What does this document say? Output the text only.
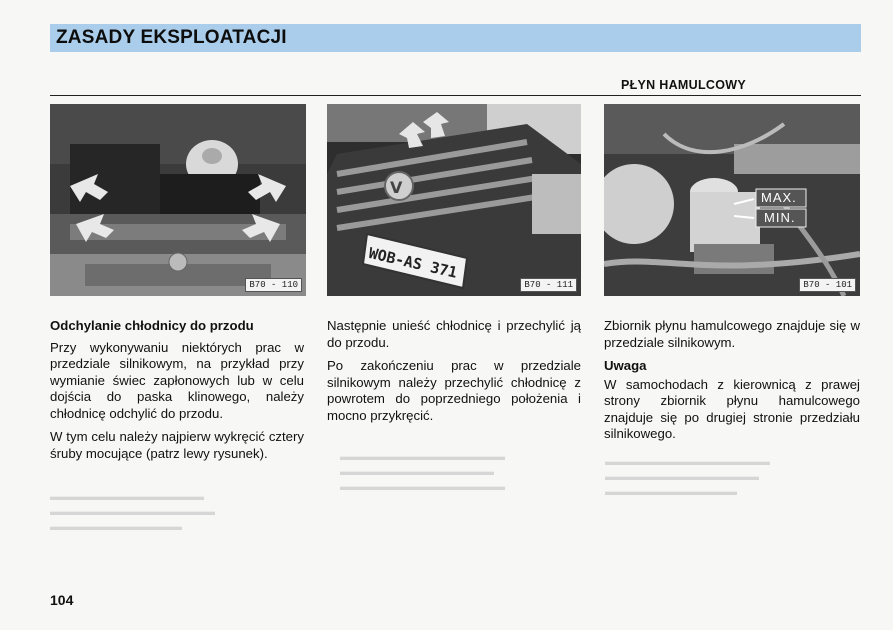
ZASADY EKSPLOATACJI
PŁYN HAMULCOWY
▬▬▬▬▬▬▬▬▬▬▬▬▬▬▬
▬▬▬▬▬▬▬▬▬▬▬▬▬▬
▬▬▬▬▬▬▬▬▬▬▬▬▬▬▬
▬▬▬▬▬▬▬▬▬▬▬▬▬▬
▬▬▬▬▬▬▬▬▬▬▬▬▬▬▬
▬▬▬▬▬▬▬▬▬▬▬▬
▬▬▬▬▬▬▬▬▬▬▬▬▬▬▬
▬▬▬▬▬▬▬▬▬▬▬▬▬▬
▬▬▬▬▬▬▬▬▬▬▬▬
B70 - 110
V
WOB-AS 371
B70 - 111
MAX.
MIN.
B70 - 101

Odchylanie chłodnicy do przodu

Przy wykonywaniu niektórych prac w przedziale silnikowym, na przykład przy wymianie świec zapłonowych lub w celu dojścia do paska klinowego, należy chłodnicę odchylić do przodu.

W tym celu należy najpierw wykręcić cztery śruby mocujące (patrz lewy rysunek).

Następnie unieść chłodnicę i przechylić ją do przodu.

Po zakończeniu prac w przedziale silnikowym należy przechylić chłodnicę z powrotem do poprzedniego położenia i mocno przykręcić.

Zbiornik płynu hamulcowego znajduje się w przedziale silnikowym.

Uwaga

W samochodach z kierownicą z prawej strony zbiornik płynu hamulcowego znajduje się po drugiej stronie przedziału silnikowego.

104
